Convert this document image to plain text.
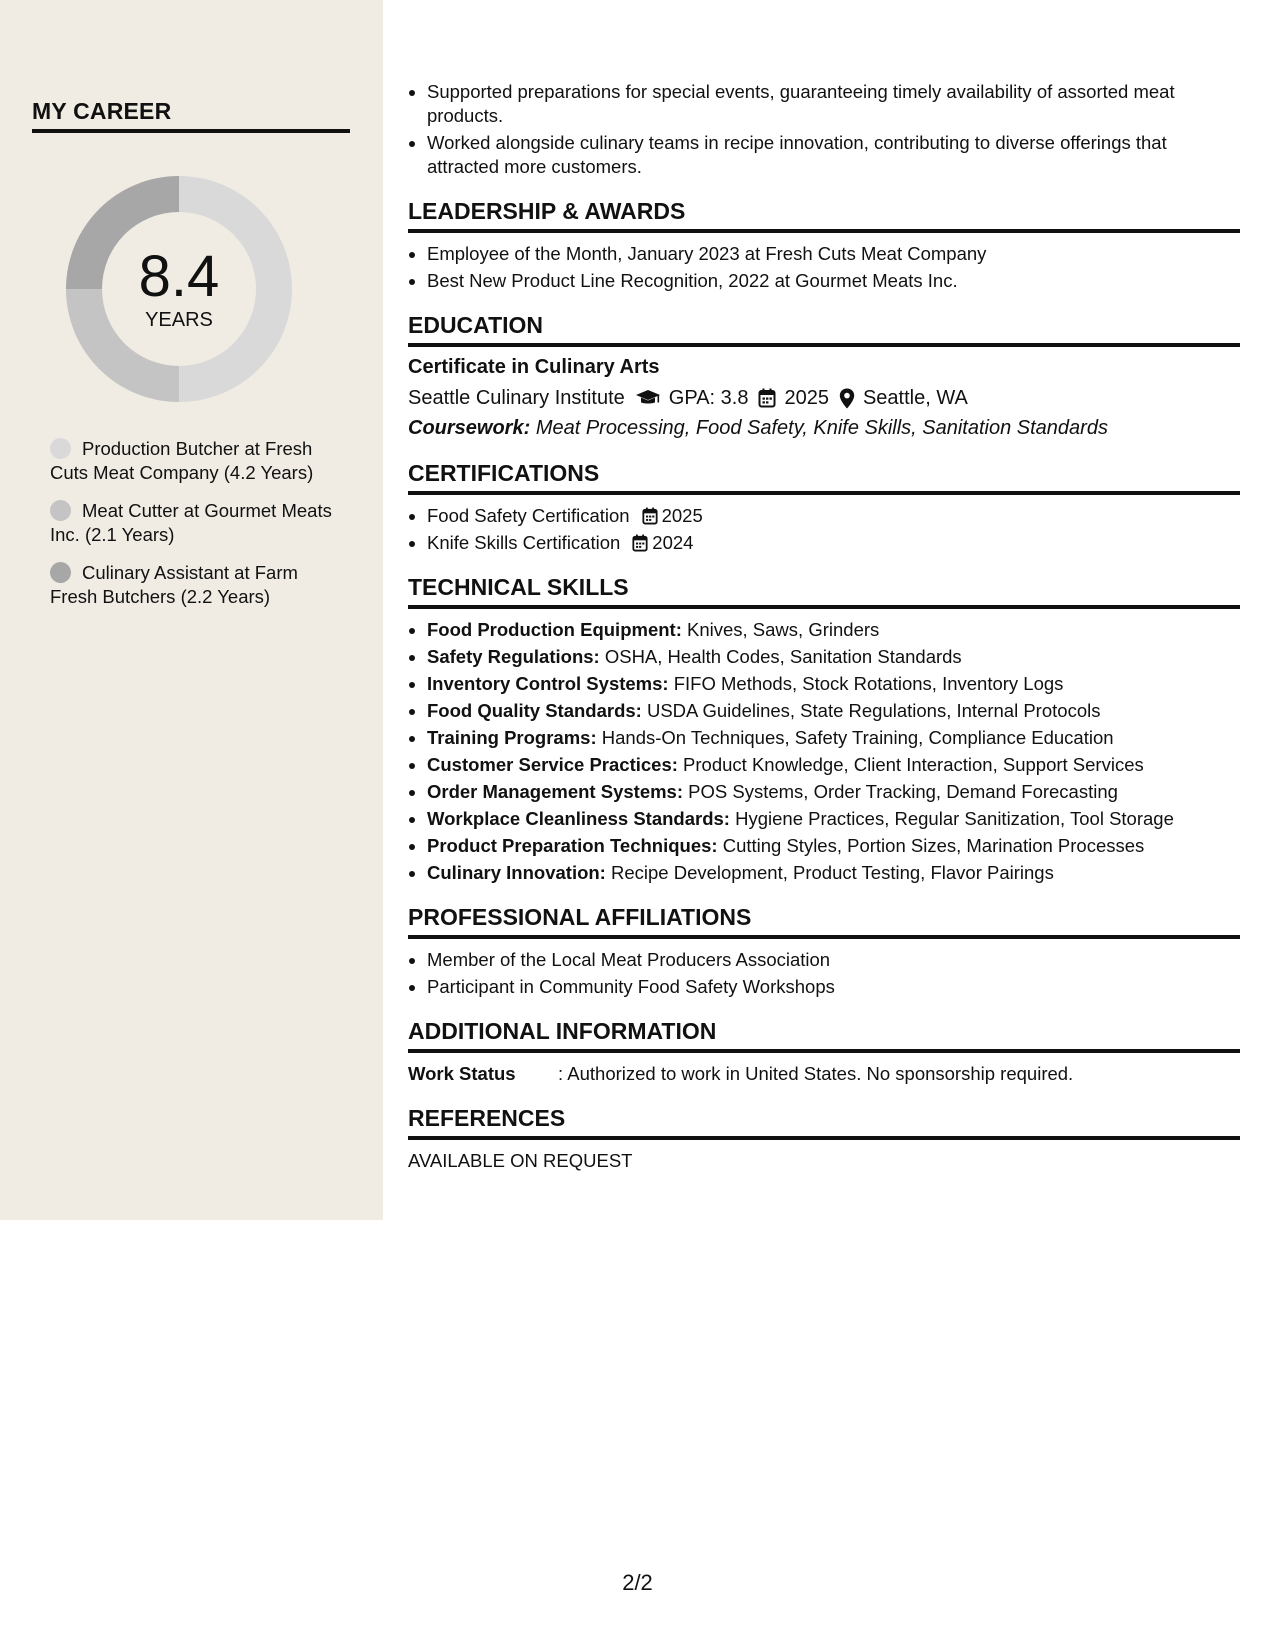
MY CAREER
8.4
YEARS
Production Butcher at Fresh Cuts Meat Company (4.2 Years)
Meat Cutter at Gourmet Meats Inc. (2.1 Years)
Culinary Assistant at Farm Fresh Butchers (2.2 Years)
• Supported preparations for special events, guaranteeing timely availability of assorted meat products.
• Worked alongside culinary teams in recipe innovation, contributing to diverse offerings that attracted more customers.
LEADERSHIP & AWARDS
• Employee of the Month, January 2023 at Fresh Cuts Meat Company
• Best New Product Line Recognition, 2022 at Gourmet Meats Inc.
EDUCATION
Certificate in Culinary Arts
Seattle Culinary Institute GPA: 3.8 2025 Seattle, WA
Coursework: Meat Processing, Food Safety, Knife Skills, Sanitation Standards
CERTIFICATIONS
• Food Safety Certification 2025
• Knife Skills Certification 2024
TECHNICAL SKILLS
• Food Production Equipment: Knives, Saws, Grinders
• Safety Regulations: OSHA, Health Codes, Sanitation Standards
• Inventory Control Systems: FIFO Methods, Stock Rotations, Inventory Logs
• Food Quality Standards: USDA Guidelines, State Regulations, Internal Protocols
• Training Programs: Hands-On Techniques, Safety Training, Compliance Education
• Customer Service Practices: Product Knowledge, Client Interaction, Support Services
• Order Management Systems: POS Systems, Order Tracking, Demand Forecasting
• Workplace Cleanliness Standards: Hygiene Practices, Regular Sanitization, Tool Storage
• Product Preparation Techniques: Cutting Styles, Portion Sizes, Marination Processes
• Culinary Innovation: Recipe Development, Product Testing, Flavor Pairings
PROFESSIONAL AFFILIATIONS
• Member of the Local Meat Producers Association
• Participant in Community Food Safety Workshops
ADDITIONAL INFORMATION
Work Status	: Authorized to work in United States. No sponsorship required.
REFERENCES
AVAILABLE ON REQUEST
2/2
